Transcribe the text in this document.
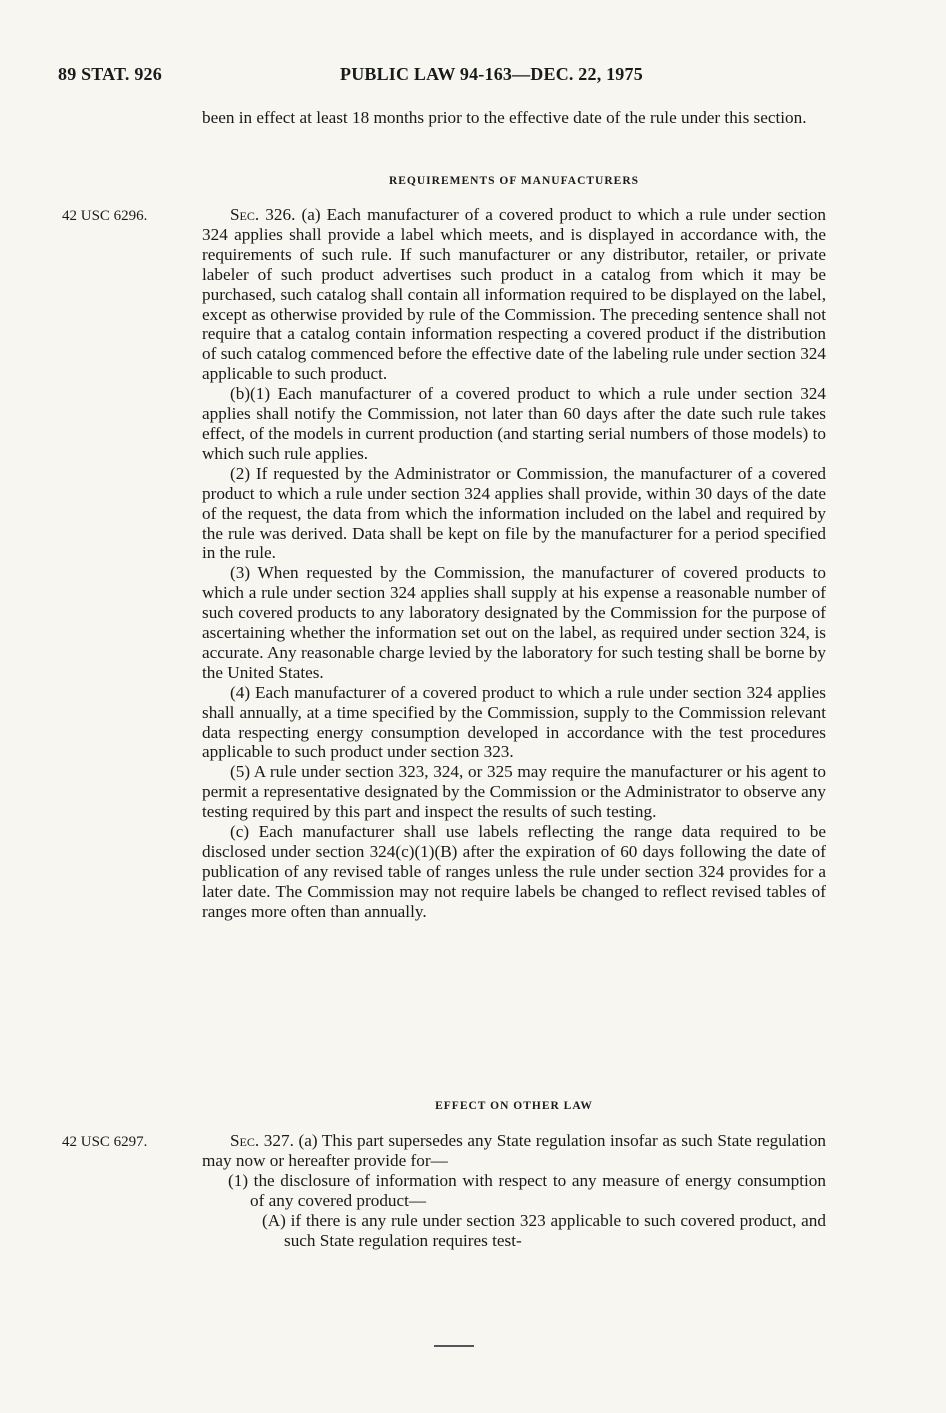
89 STAT. 926	PUBLIC LAW 94-163—DEC. 22, 1975

been in effect at least 18 months prior to the effective date of the rule under this section.

REQUIREMENTS OF MANUFACTURERS
42 USC 6296.	Sec. 326. (a) Each manufacturer of a covered product to which a rule under section 324 applies shall provide a label which meets, and is displayed in accordance with, the requirements of such rule. If such manufacturer or any distributor, retailer, or private labeler of such product advertises such product in a catalog from which it may be purchased, such catalog shall contain all information required to be displayed on the label, except as otherwise provided by rule of the Commission. The preceding sentence shall not require that a catalog contain information respecting a covered product if the distribution of such catalog commenced before the effective date of the labeling rule under section 324 applicable to such product.

(b)(1) Each manufacturer of a covered product to which a rule under section 324 applies shall notify the Commission, not later than 60 days after the date such rule takes effect, of the models in current production (and starting serial numbers of those models) to which such rule applies.

(2) If requested by the Administrator or Commission, the manufacturer of a covered product to which a rule under section 324 applies shall provide, within 30 days of the date of the request, the data from which the information included on the label and required by the rule was derived. Data shall be kept on file by the manufacturer for a period specified in the rule.

(3) When requested by the Commission, the manufacturer of covered products to which a rule under section 324 applies shall supply at his expense a reasonable number of such covered products to any laboratory designated by the Commission for the purpose of ascertaining whether the information set out on the label, as required under section 324, is accurate. Any reasonable charge levied by the laboratory for such testing shall be borne by the United States.

(4) Each manufacturer of a covered product to which a rule under section 324 applies shall annually, at a time specified by the Commission, supply to the Commission relevant data respecting energy consumption developed in accordance with the test procedures applicable to such product under section 323.

(5) A rule under section 323, 324, or 325 may require the manufacturer or his agent to permit a representative designated by the Commission or the Administrator to observe any testing required by this part and inspect the results of such testing.

(c) Each manufacturer shall use labels reflecting the range data required to be disclosed under section 324(c)(1)(B) after the expiration of 60 days following the date of publication of any revised table of ranges unless the rule under section 324 provides for a later date. The Commission may not require labels be changed to reflect revised tables of ranges more often than annually.

EFFECT ON OTHER LAW
42 USC 6297.	Sec. 327. (a) This part supersedes any State regulation insofar as such State regulation may now or hereafter provide for—

(1) the disclosure of information with respect to any measure of energy consumption of any covered product—

(A) if there is any rule under section 323 applicable to such covered product, and such State regulation requires test-
